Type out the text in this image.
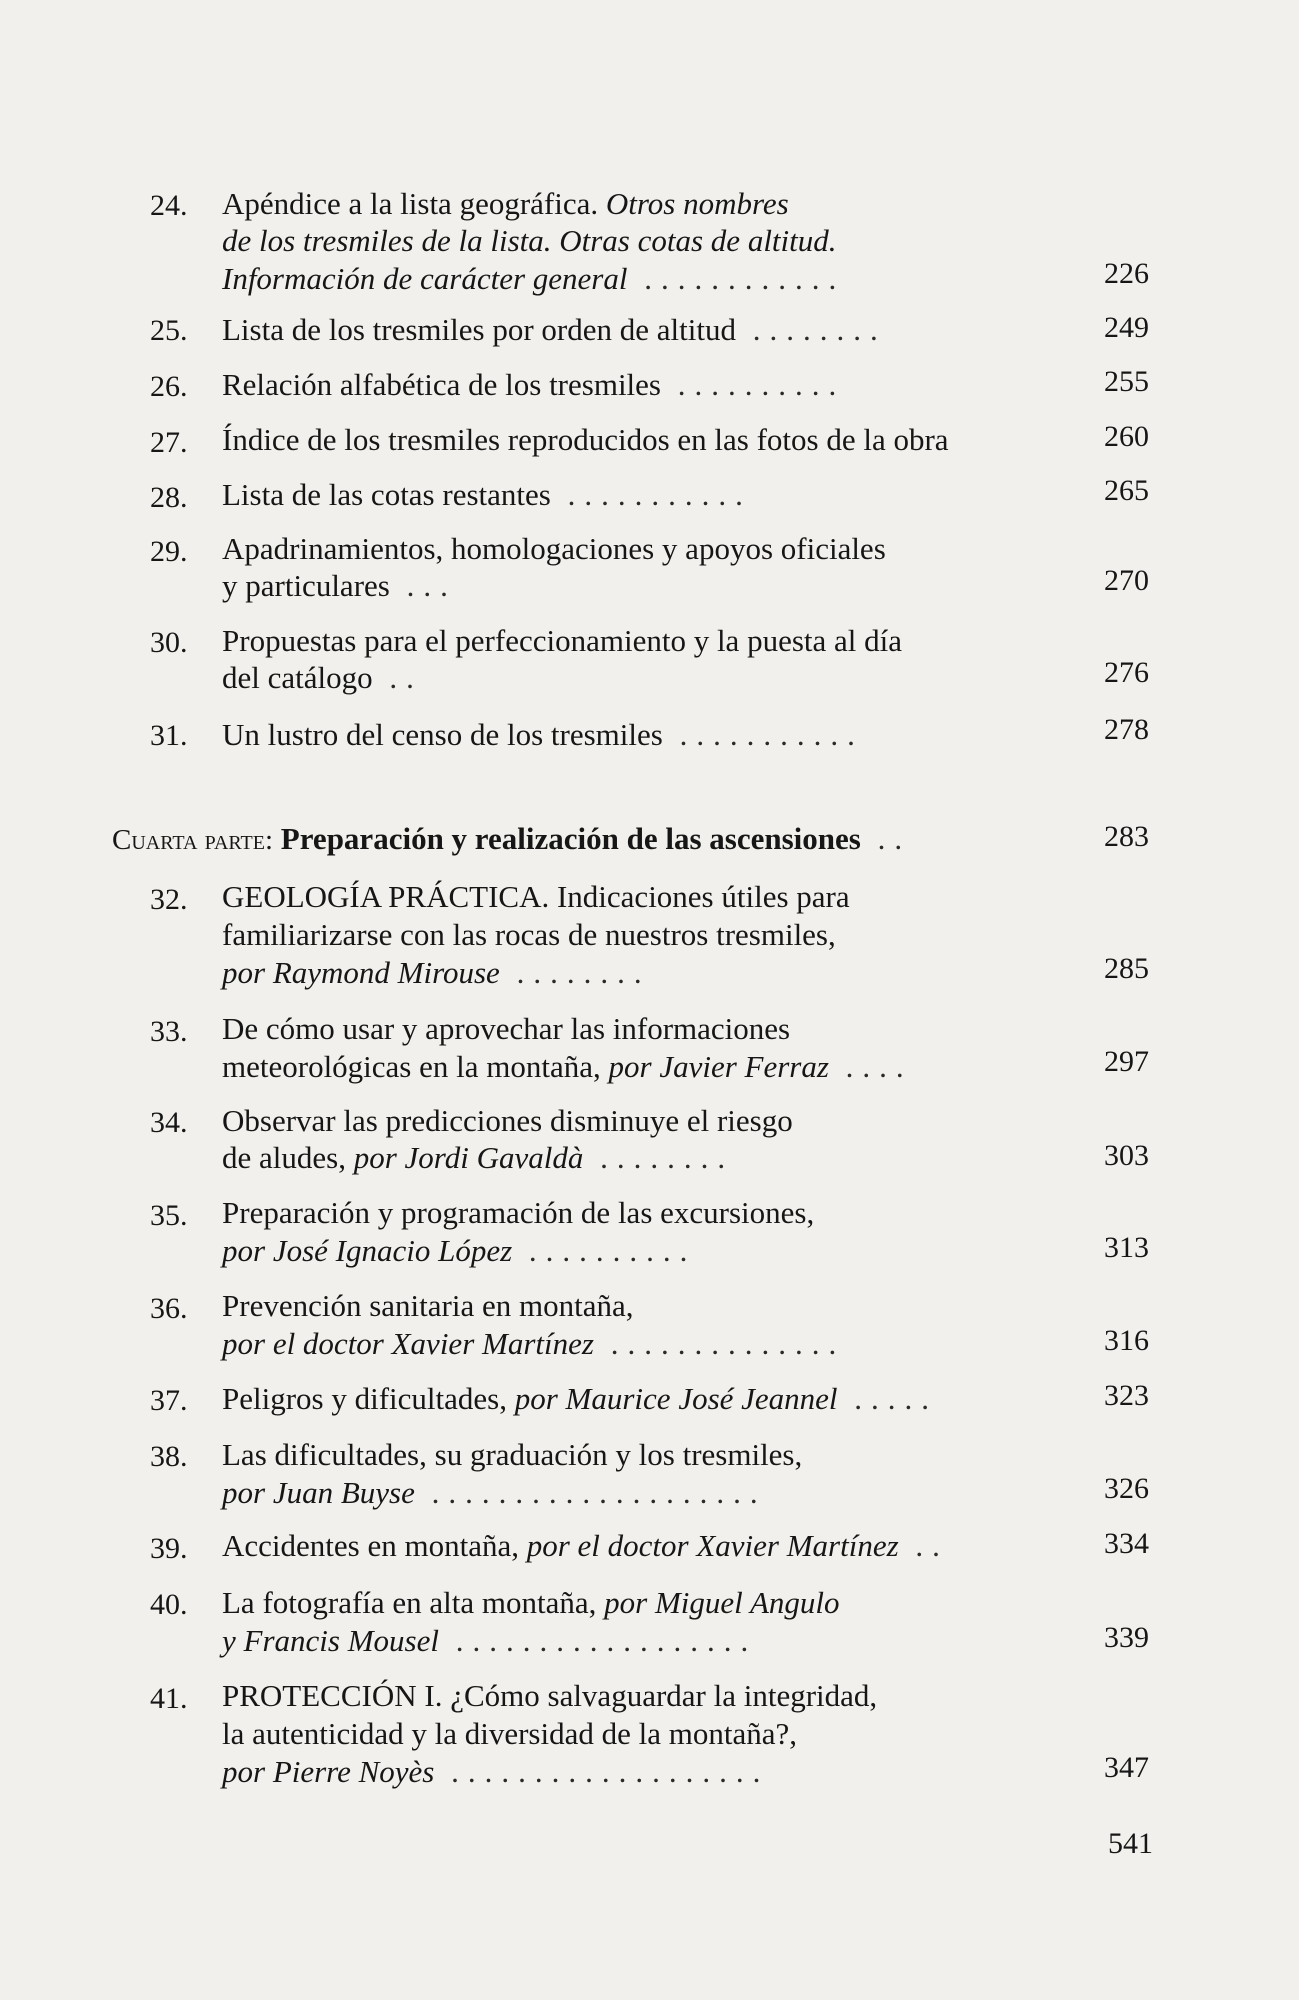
24. Apéndice a la lista geográfica. Otros nombres
de los tresmiles de la lista. Otras cotas de altitud.
Información de carácter general ............	226
25. Lista de los tresmiles por orden de altitud ........	249
26. Relación alfabética de los tresmiles ..........	255
27. Índice de los tresmiles reproducidos en las fotos de la obra	260
28. Lista de las cotas restantes ...........	265
29. Apadrinamientos, homologaciones y apoyos oficiales
y particulares ...	270
30. Propuestas para el perfeccionamiento y la puesta al día
del catálogo ..	276
31. Un lustro del censo de los tresmiles ...........	278
Cuarta parte: Preparación y realización de las ascensiones ..	283
32. GEOLOGÍA PRÁCTICA. Indicaciones útiles para
familiarizarse con las rocas de nuestros tresmiles,
por Raymond Mirouse ........	285
33. De cómo usar y aprovechar las informaciones
meteorológicas en la montaña, por Javier Ferraz ....	297
34. Observar las predicciones disminuye el riesgo
de aludes, por Jordi Gavaldà ........	303
35. Preparación y programación de las excursiones,
por José Ignacio López ..........	313
36. Prevención sanitaria en montaña,
por el doctor Xavier Martínez ..............	316
37. Peligros y dificultades, por Maurice José Jeannel .....	323
38. Las dificultades, su graduación y los tresmiles,
por Juan Buyse ....................	326
39. Accidentes en montaña, por el doctor Xavier Martínez ..	334
40. La fotografía en alta montaña, por Miguel Angulo
y Francis Mousel ..................	339
41. PROTECCIÓN I. ¿Cómo salvaguardar la integridad,
la autenticidad y la diversidad de la montaña?,
por Pierre Noyès ...................	347
541
